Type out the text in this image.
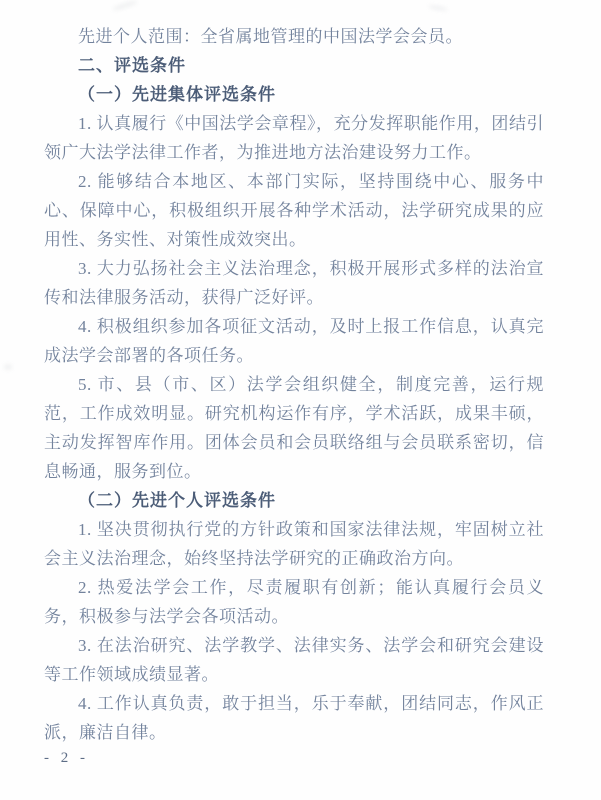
先进个人范围：全省属地管理的中国法学会会员。

二、评选条件

（一）先进集体评选条件

1. 认真履行《中国法学会章程》，充分发挥职能作用，团结引领广大法学法律工作者，为推进地方法治建设努力工作。

2. 能够结合本地区、本部门实际，坚持围绕中心、服务中心、保障中心，积极组织开展各种学术活动，法学研究成果的应用性、务实性、对策性成效突出。

3. 大力弘扬社会主义法治理念，积极开展形式多样的法治宣传和法律服务活动，获得广泛好评。

4. 积极组织参加各项征文活动，及时上报工作信息，认真完成法学会部署的各项任务。

5. 市、县（市、区）法学会组织健全，制度完善，运行规范，工作成效明显。研究机构运作有序，学术活跃，成果丰硕，主动发挥智库作用。团体会员和会员联络组与会员联系密切，信息畅通，服务到位。

（二）先进个人评选条件

1. 坚决贯彻执行党的方针政策和国家法律法规，牢固树立社会主义法治理念，始终坚持法学研究的正确政治方向。

2. 热爱法学会工作，尽责履职有创新；能认真履行会员义务，积极参与法学会各项活动。

3. 在法治研究、法学教学、法律实务、法学会和研究会建设等工作领域成绩显著。

4. 工作认真负责，敢于担当，乐于奉献，团结同志，作风正派，廉洁自律。

- 2 -
